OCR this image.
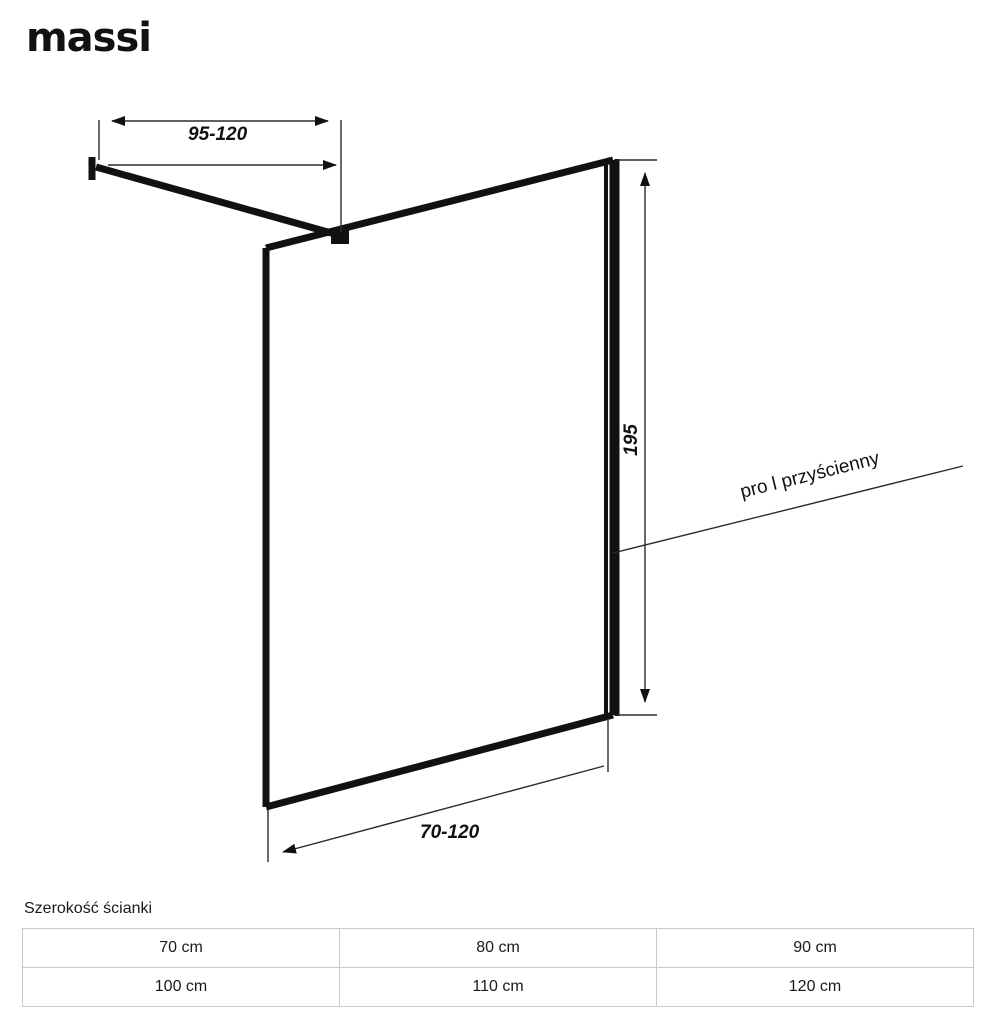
massi
95-120
195
70-120
pro l przyścienny
Szerokość ścianki
70 cm	80 cm	90 cm
100 cm	110 cm	120 cm
